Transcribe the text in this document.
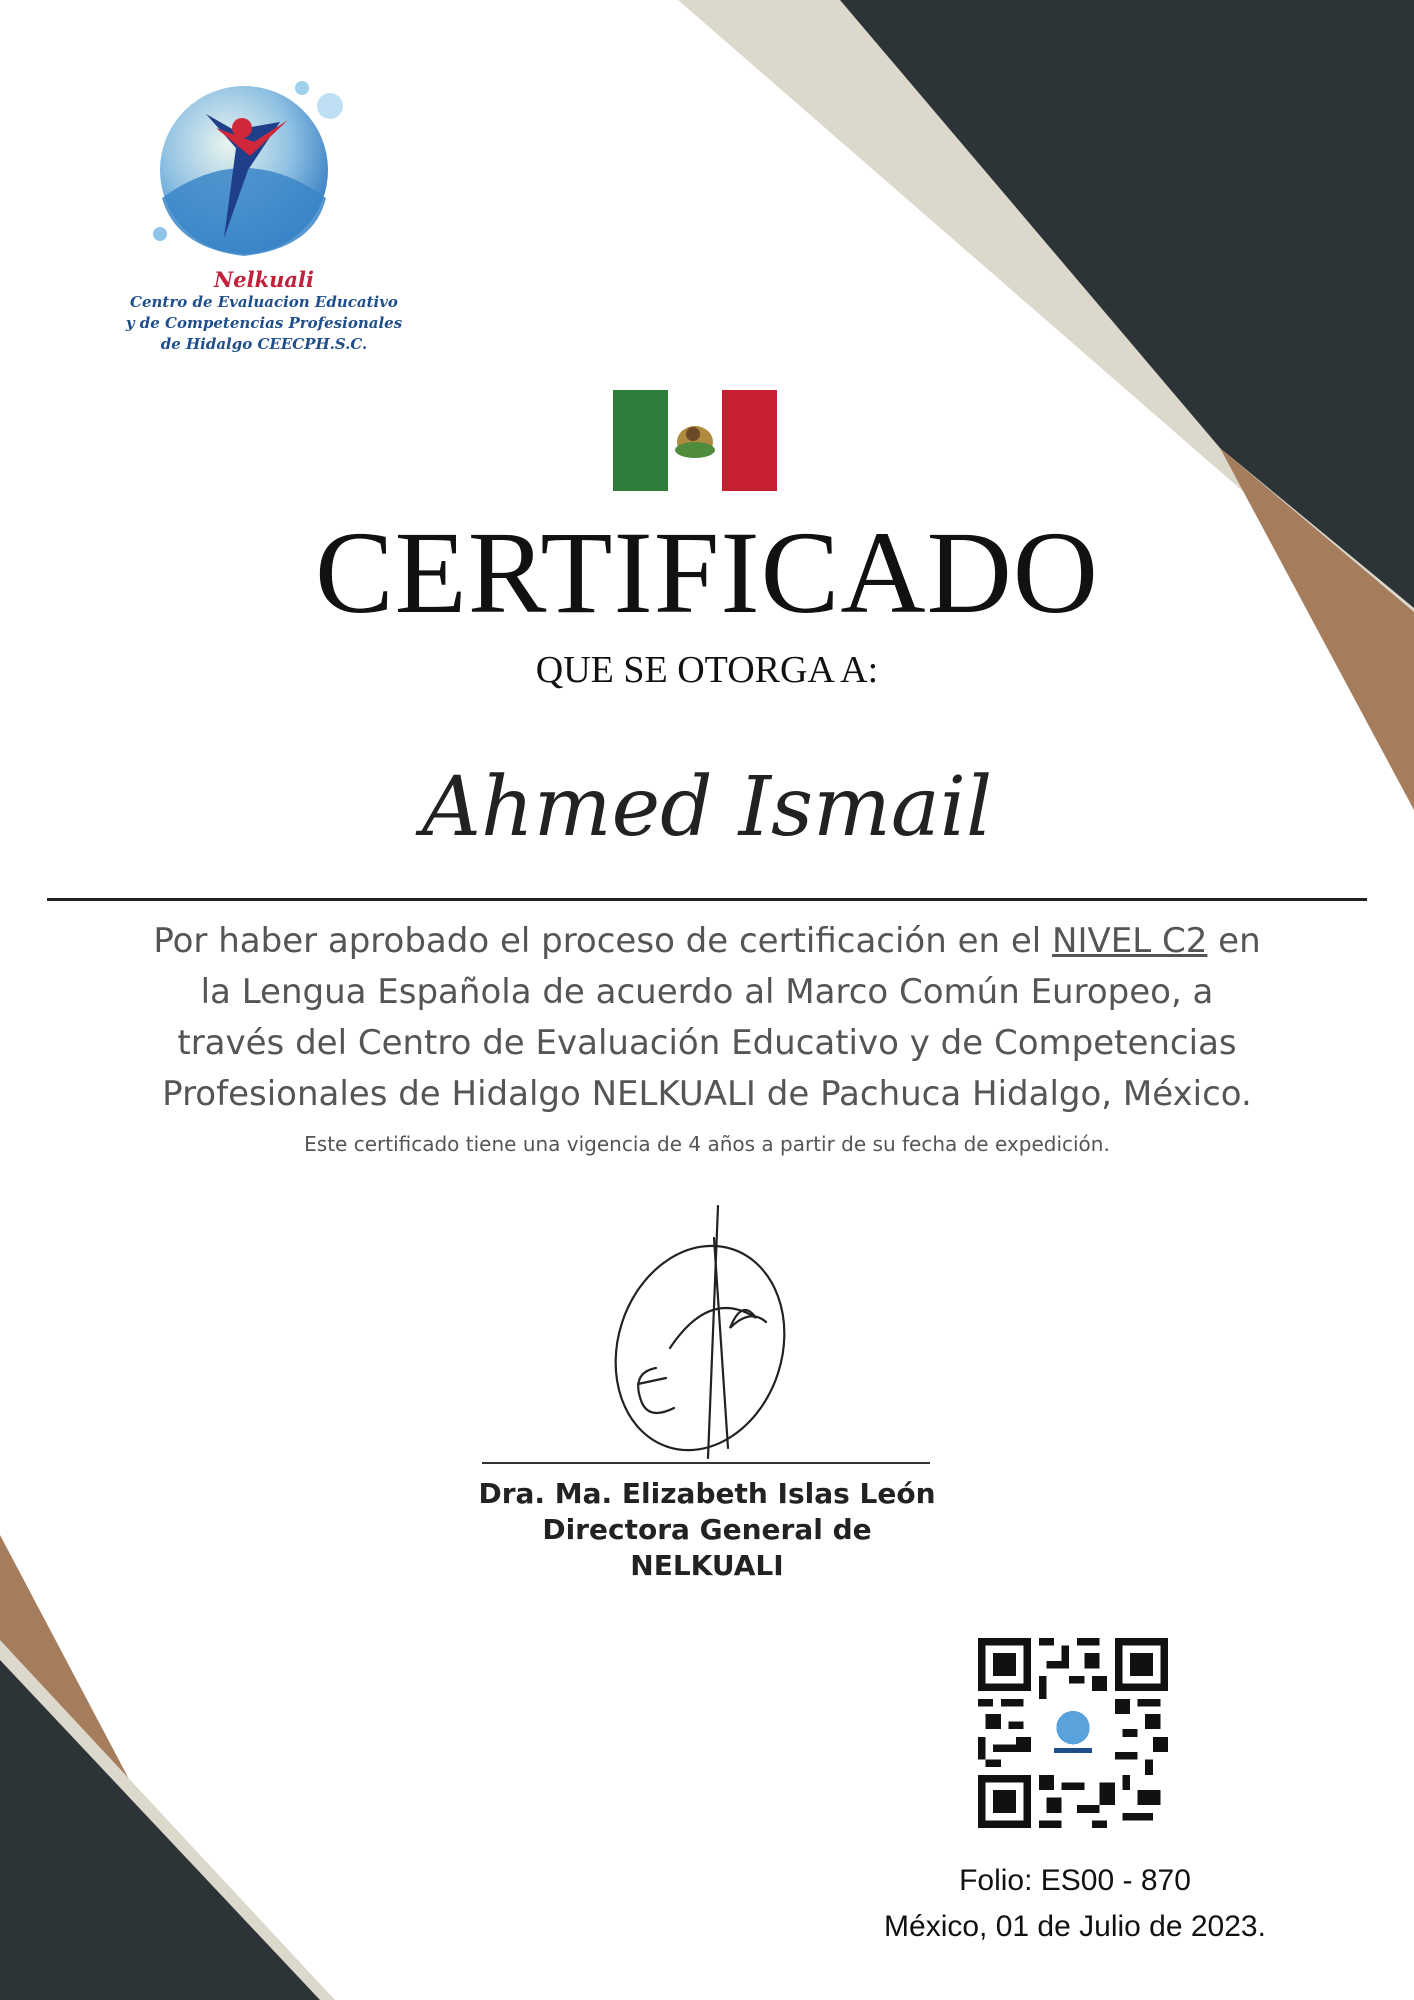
Nelkuali
Centro de Evaluacion Educativo
y de Competencias Profesionales
de Hidalgo CEECPH.S.C.
CERTIFICADO
QUE SE OTORGA A:
Ahmed Ismail
Por haber aprobado el proceso de certificación en el NIVEL C2 en
la Lengua Española de acuerdo al Marco Común Europeo, a
través del Centro de Evaluación Educativo y de Competencias
Profesionales de Hidalgo NELKUALI de Pachuca Hidalgo, México.
Este certificado tiene una vigencia de 4 años a partir de su fecha de expedición.
Dra. Ma. Elizabeth Islas León
Directora General de
NELKUALI
Folio: ES00 - 870
México, 01 de Julio de 2023.
